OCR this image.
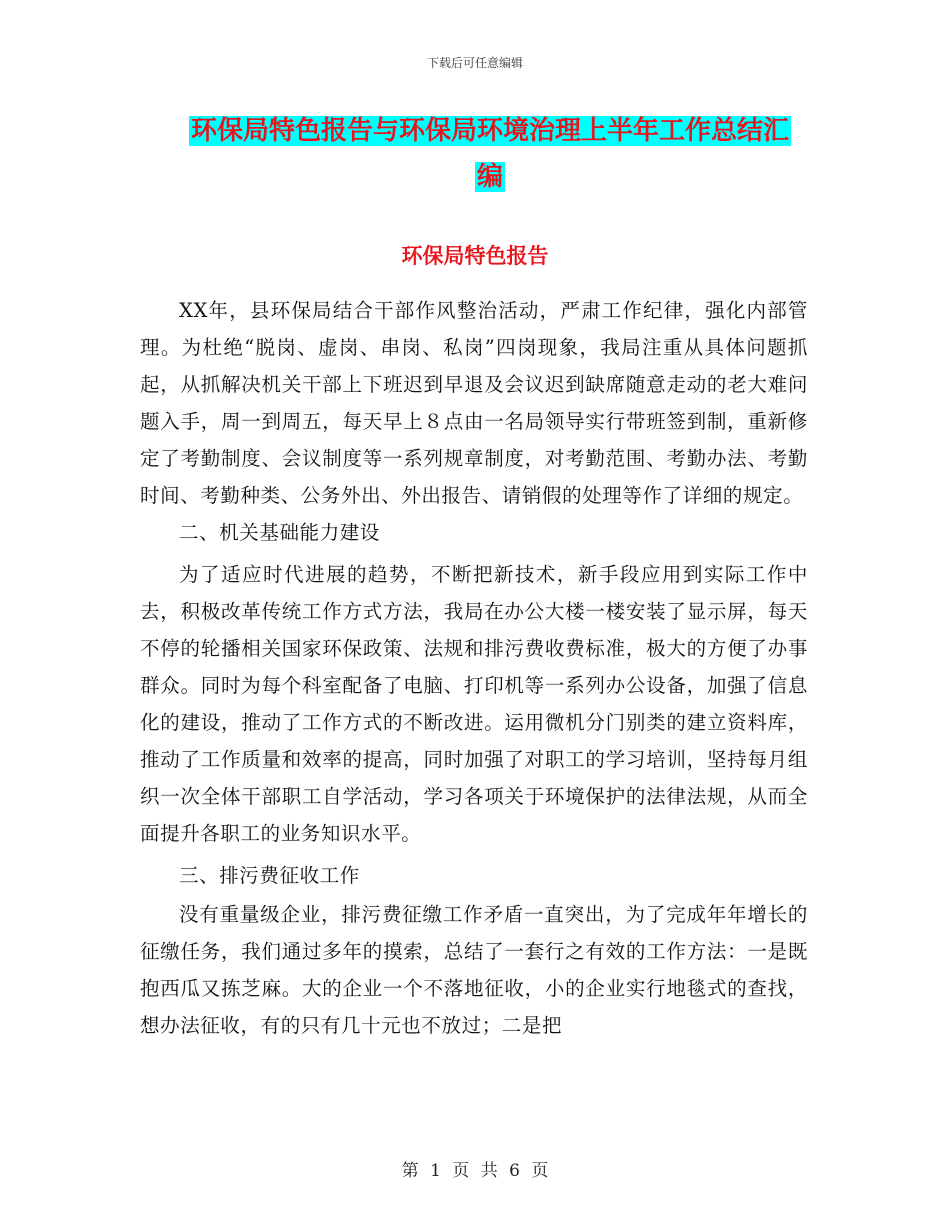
下载后可任意编辑
环保局特色报告与环保局环境治理上半年工作总结汇
编
环保局特色报告

XX年，县环保局结合干部作风整治活动，严肃工作纪律，强化内部管理。为杜绝“脱岗、虚岗、串岗、私岗”四岗现象，我局注重从具体问题抓起，从抓解决机关干部上下班迟到早退及会议迟到缺席随意走动的老大难问题入手，周一到周五，每天早上８点由一名局领导实行带班签到制，重新修定了考勤制度、会议制度等一系列规章制度，对考勤范围、考勤办法、考勤时间、考勤种类、公务外出、外出报告、请销假的处理等作了详细的规定。

二、机关基础能力建设

为了适应时代进展的趋势，不断把新技术，新手段应用到实际工作中去，积极改革传统工作方式方法，我局在办公大楼一楼安装了显示屏，每天不停的轮播相关国家环保政策、法规和排污费收费标准，极大的方便了办事群众。同时为每个科室配备了电脑、打印机等一系列办公设备，加强了信息化的建设，推动了工作方式的不断改进。运用微机分门别类的建立资料库，推动了工作质量和效率的提高，同时加强了对职工的学习培训，坚持每月组织一次全体干部职工自学活动，学习各项关于环境保护的法律法规，从而全面提升各职工的业务知识水平。

三、排污费征收工作

没有重量级企业，排污费征缴工作矛盾一直突出，为了完成年年增长的征缴任务，我们通过多年的摸索，总结了一套行之有效的工作方法：一是既抱西瓜又拣芝麻。大的企业一个不落地征收，小的企业实行地毯式的查找，想办法征收，有的只有几十元也不放过；二是把

第 1 页 共 6 页
